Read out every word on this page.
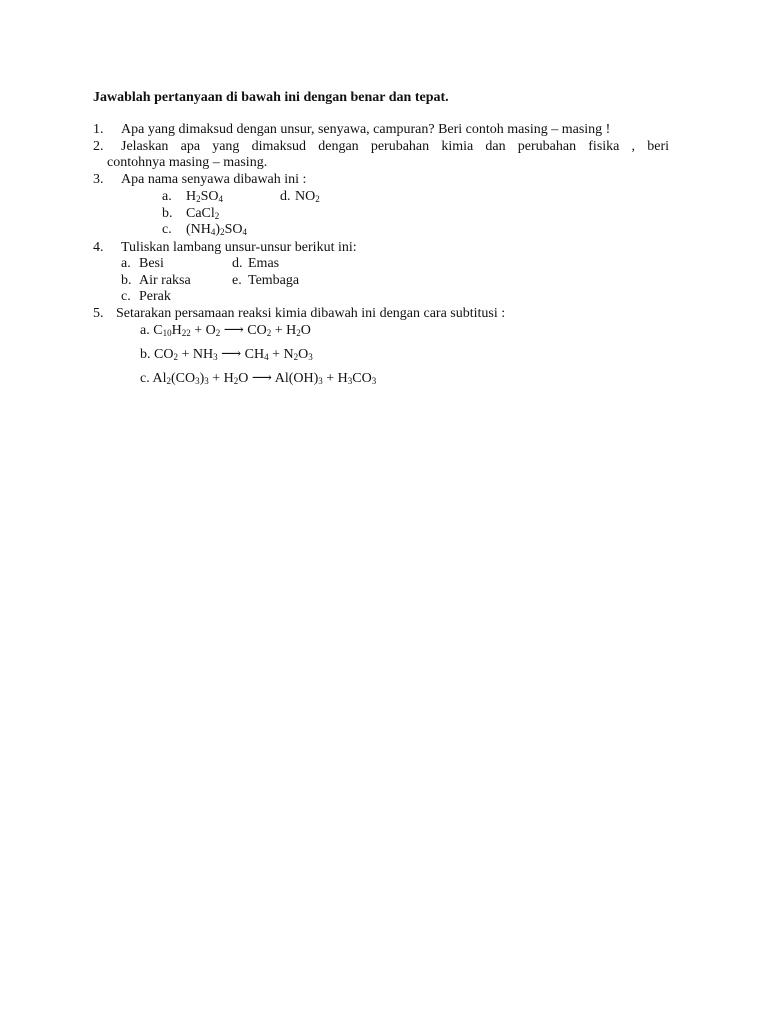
Jawablah pertanyaan di bawah ini dengan benar dan tepat.
1. Apa yang dimaksud dengan unsur, senyawa, campuran? Beri contoh masing – masing !
2. Jelaskan apa yang dimaksud dengan perubahan kimia dan perubahan fisika , beri
contohnya masing – masing.
3. Apa nama senyawa dibawah ini :
a. $H_2SO_4$	d. $NO_2$
b. CaCl$_2$
c. $(NH_4)_2SO_4$
4. Tuliskan lambang unsur-unsur berikut ini:
a. Besi	d. Emas
b. Air raksa	e. Tembaga
c. Perak
5. Setarakan persamaan reaksi kimia dibawah ini dengan cara subtitusi :
a. $C_{10}H_{22} + O_2$ ⟶ $CO_2 + H_2O$
b. $CO_2 + NH_3$ ⟶ $CH_4 + N_2O_3$
c. $Al_2(CO_3)_3 + H_2O$ ⟶ $Al(OH)_3 + H_3CO_3$
